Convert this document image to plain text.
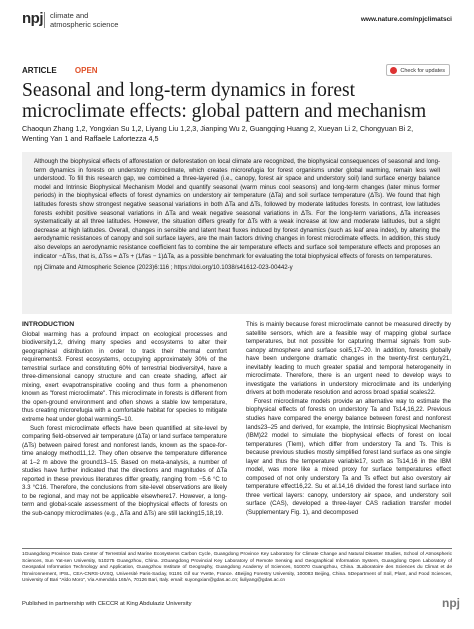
npj climate and
atmospheric science
www.nature.com/npjclimatsci
ARTICLE OPEN	Check for updates
Seasonal and long-term dynamics in forest microclimate effects: global pattern and mechanism
Chaoqun Zhang 1,2, Yongxian Su 1,2, Liyang Liu 1,2,3, Jianping Wu 2, Guangqing Huang 2, Xueyan Li 2, Chongyuan Bi 2,
Wenting Yan 1 and Raffaele Lafortezza 4,5

Although the biophysical effects of afforestation or deforestation on local climate are recognized, the biophysical consequences of seasonal and long-term dynamics in forests on understory microclimate, which creates microrefugia for forest organisms under global warming, remain less well understood. To fill this research gap, we combined a three-layered (i.e., canopy, forest air space and understory soil) land surface energy balance model and Intrinsic Biophysical Mechanism Model and quantify seasonal (warm minus cool seasons) and long-term changes (later minus former periods) in the biophysical effects of forest dynamics on understory air temperature (ΔTa) and soil surface temperature (ΔTs). We found that high latitudes forests show strongest negative seasonal variations in both ΔTa and ΔTs, followed by moderate latitudes forests. In contrast, low latitudes forests exhibit positive seasonal variations in ΔTa and weak negative seasonal variations in ΔTs. For the long-term variations, ΔTa increases systematically at all three latitudes. However, the situation differs greatly for ΔTs with a weak increase at low and moderate latitudes, but a slight decrease at high latitudes. Overall, changes in sensible and latent heat fluxes induced by forest dynamics (such as leaf area index), by altering the aerodynamic resistances of canopy and soil surface layers, are the main factors driving changes in forest microclimate effects. In addition, this study also develops an aerodynamic resistance coefficient fas to combine the air temperature effects and surface soil temperature effects and proposes an indicator −ΔTss, that is, ΔTss = ΔTs + (1/fas − 1)ΔTa, as a possible benchmark for evaluating the total biophysical effects of forests on temperatures.

npj Climate and Atmospheric Science (2023)6:116 ; https://doi.org/10.1038/s41612-023-00442-y

INTRODUCTION

Global warming has a profound impact on ecological processes and biodiversity1,2, driving many species and ecosystems to alter their geographical distribution in order to track their thermal comfort requirements3. Forest ecosystems, occupying approximately 30% of the terrestrial surface and constituting 60% of terrestrial biodiversity4, have a three-dimensional canopy structure and can create shading, affect air mixing, exert evapotranspirative cooling and thus form a phenomenon known as "forest microclimate". This microclimate in forests is different from the open-ground environment and often shows a stable low temperature, thus creating microrefugia with a comfortable habitat for species to mitigate extreme heat under global warming5–10.

Such forest microclimate effects have been quantified at site-level by comparing field-observed air temperature (ΔTa) or land surface temperature (ΔTs) between paired forest and nonforest lands, known as the space-for-time analogy method11,12. They often observe the temperature difference at 1–2 m above the ground13–15. Based on meta-analysis, a number of studies have further indicated that the directions and magnitudes of ΔTa reported in these previous literatures differ greatly, ranging from −5.6 °C to 3.3 °C16. Therefore, the conclusions from site-level observations are likely to be regional, and may not be applicable elsewhere17. However, a long-term and global-scale assessment of the biophysical effects of forests on the sub-canopy microclimates (e.g., ΔTa and ΔTs) are still lacking15,18,19.

This is mainly because forest microclimate cannot be measured directly by satellite sensors, which are a feasible way of mapping global surface temperatures, but not possible for capturing thermal signals from sub-canopy atmosphere and surface soil5,17–20. In addition, forests globally have been undergone dramatic changes in the twenty-first century21, inevitably leading to much greater spatial and temporal heterogeneity in microclimate. Therefore, there is an urgent need to develop ways to investigate the variations in understory microclimate and its underlying drivers at both moderate resolution and across broad spatial scales22.

Forest microclimate models provide an alternative way to estimate the biophysical effects of forests on understory Ta and Ts14,16,22. Previous studies have compared the energy balance between forest and nonforest lands23–25 and derived, for example, the Intrinsic Biophysical Mechanism (IBM)22 model to simulate the biophysical effects of forest on local temperatures (Tlem), which differ from understory Ta and Ts. This is because previous studies mostly simplified forest land surface as one single layer and thus the temperature variable17, such as Ts14,16 in the IBM model, was more like a mixed proxy for surface temperatures effect composed of not only understory Ta and Ts effect but also overstory air temperature effect16,22. Su et al.14,16 divided the forest land surface into three vertical layers: canopy, understory air space, and understory soil surface (CAS), developed a three-layer CAS radiation transfer model (Supplementary Fig. 1), and decomposed

1Guangdong Province Data Center of Terrestrial and Marine Ecosystems Carbon Cycle, Guangdong Province Key Laboratory for Climate Change and Natural Disaster Studies, School of Atmospheric Sciences, Sun Yat-sen University, 510275 Guangzhou, China. 2Guangdong Provincial Key Laboratory of Remote Sensing and Geographical Information System, Guangdong Open Laboratory of Geospatial Information Technology and Application, Guangzhou Institute of Geography, Guangdong Academy of Sciences, 510070 Guangzhou, China. 3Laboratoire des Sciences du Climat et de l'Environnement, IPSL, CEA-CNRS-UVSQ, Université Paris-Saclay, 91191 Gif sur Yvette, France. 4Beijing Forestry University, 100083 Beijing, China. 5Department of Soil, Plant, and Food Sciences, University of Bari "Aldo Moro", Via Amendola 165/A, 70126 Bari, Italy. email: suyongxian@gdas.ac.cn; liuliyang@gdas.ac.cn
Published in partnership with CECCR at King Abdulaziz University	npj
